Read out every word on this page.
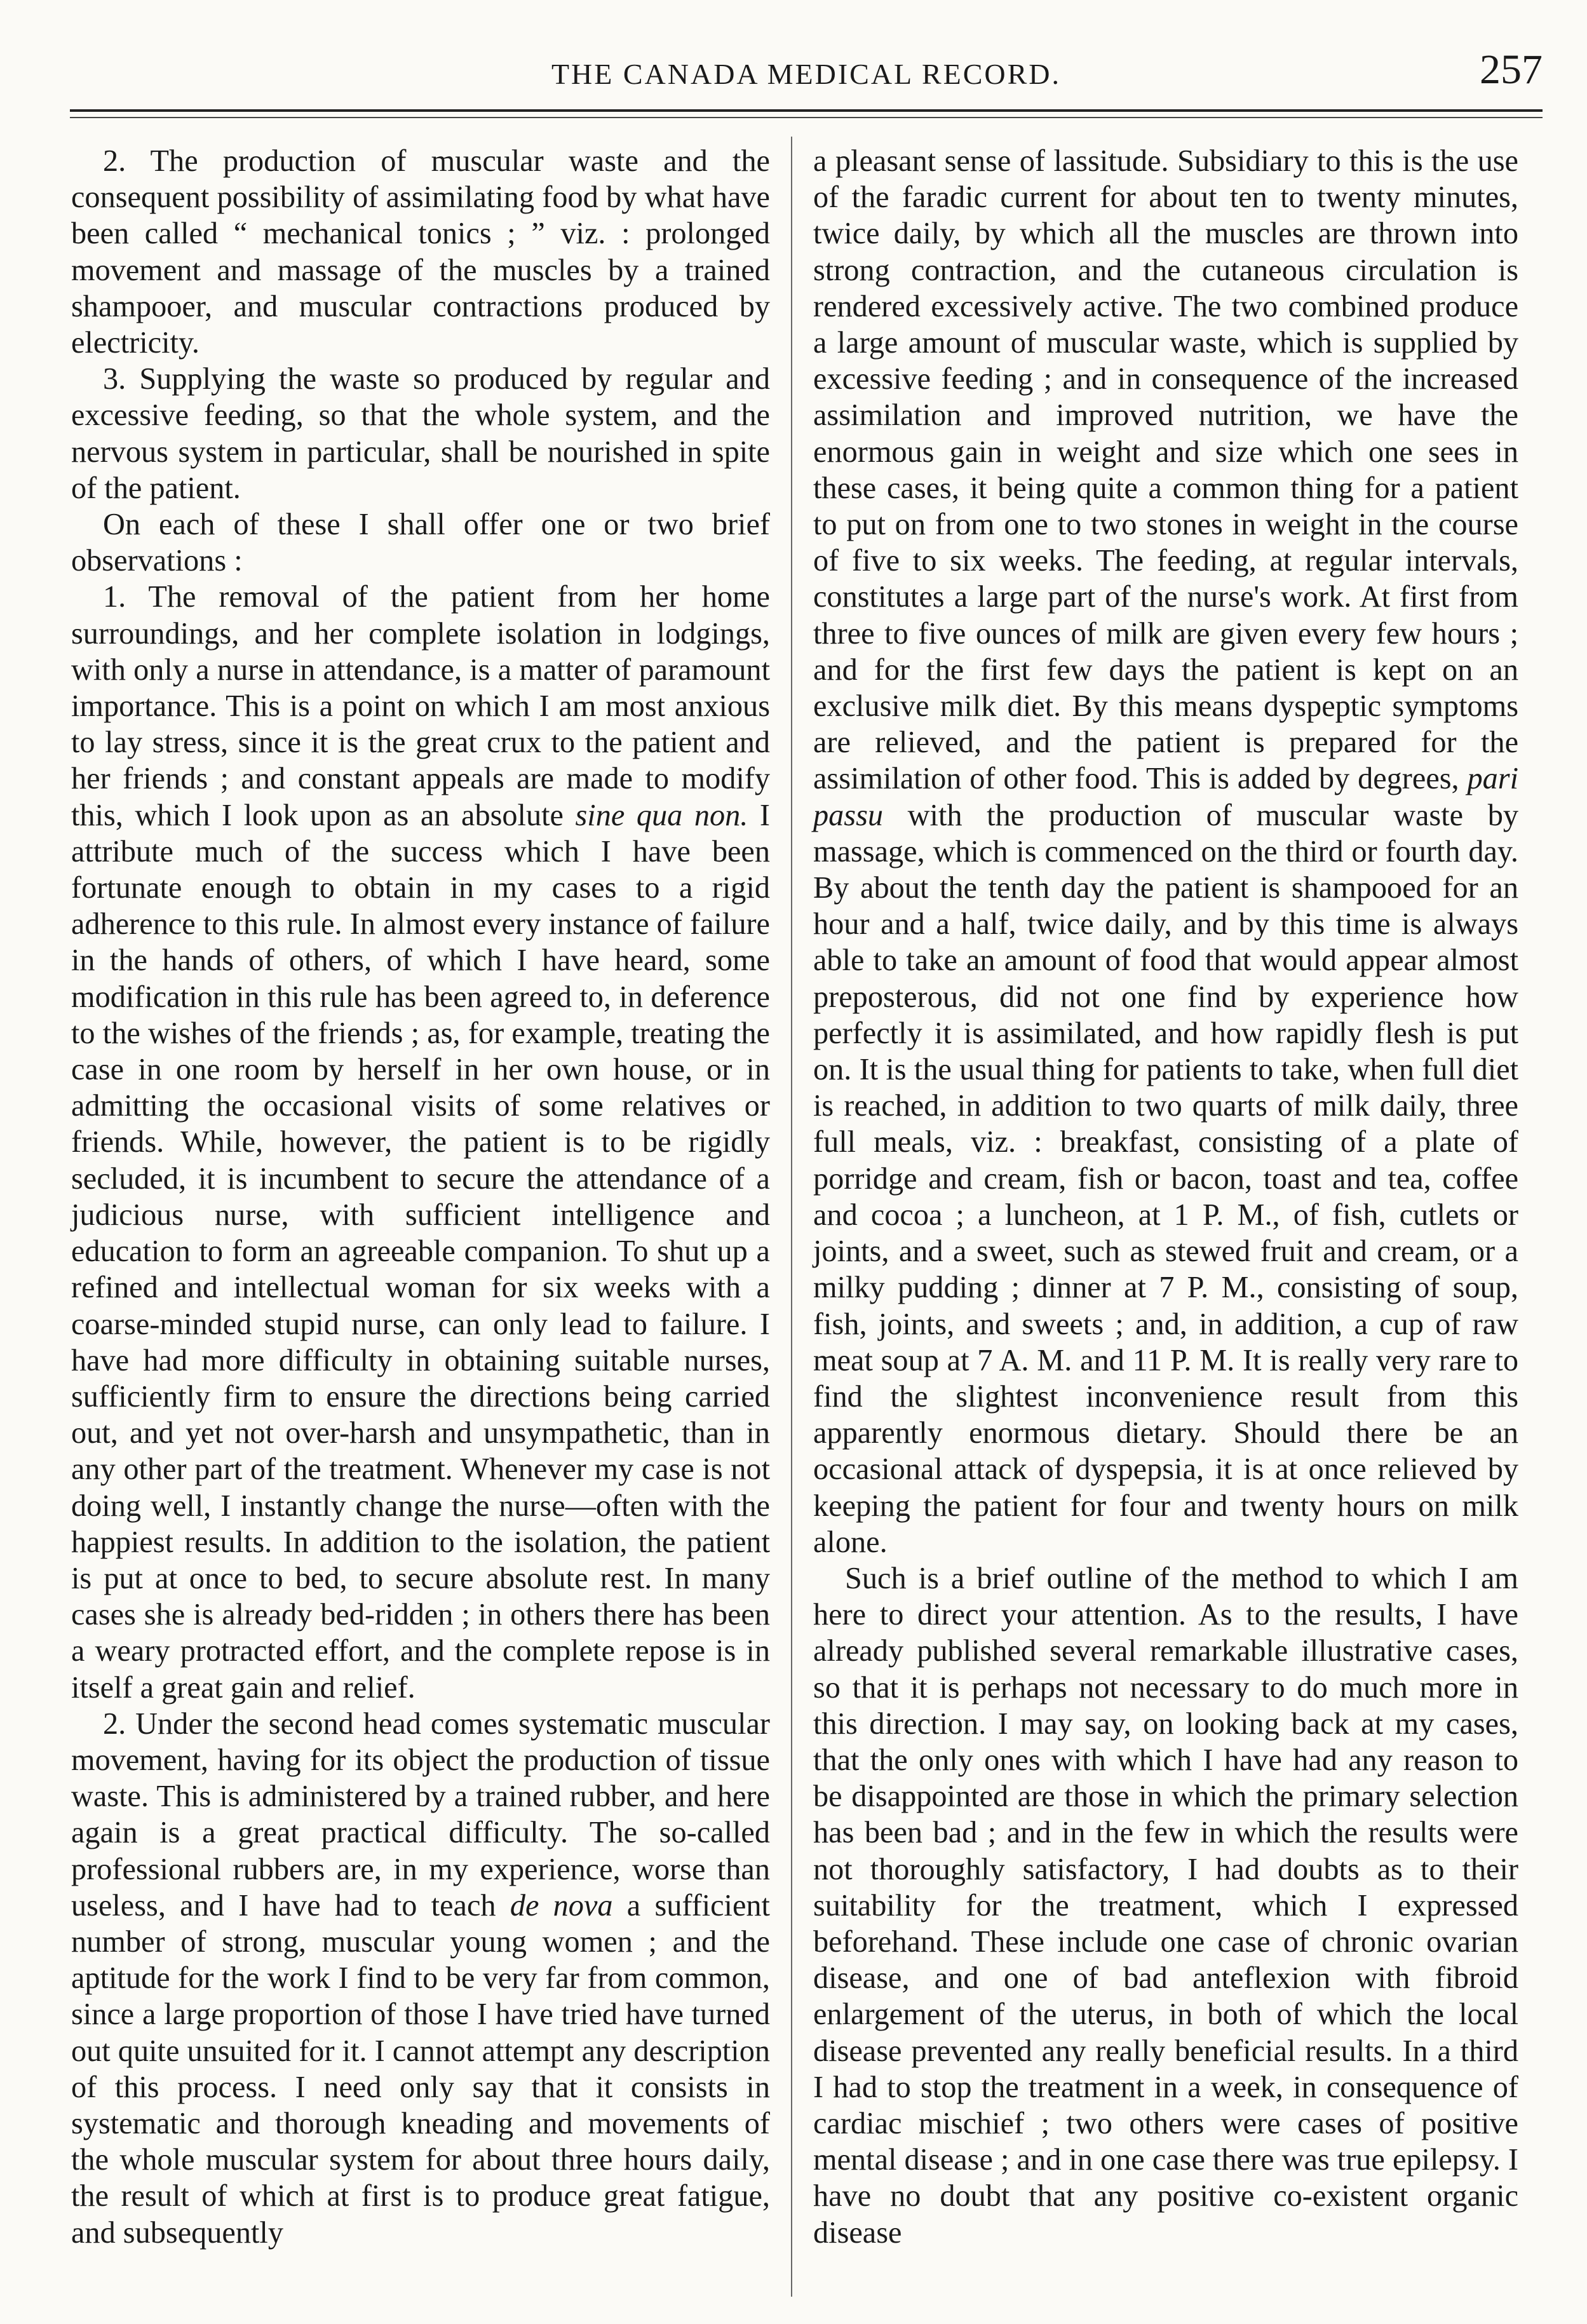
THE CANADA MEDICAL RECORD.	257

2. The production of muscular waste and the consequent possibility of assimilating food by what have been called “ mechanical tonics ; ” viz. : prolonged movement and massage of the muscles by a trained shampooer, and muscular contractions produced by electricity.

3. Supplying the waste so produced by regular and excessive feeding, so that the whole system, and the nervous system in particular, shall be nourished in spite of the patient.

On each of these I shall offer one or two brief observations :

1. The removal of the patient from her home surroundings, and her complete isolation in lodgings, with only a nurse in attendance, is a matter of paramount importance. This is a point on which I am most anxious to lay stress, since it is the great crux to the patient and her friends ; and constant appeals are made to modify this, which I look upon as an absolute sine qua non. I attribute much of the success which I have been fortunate enough to obtain in my cases to a rigid adherence to this rule. In almost every instance of failure in the hands of others, of which I have heard, some modification in this rule has been agreed to, in deference to the wishes of the friends ; as, for example, treating the case in one room by herself in her own house, or in admitting the occasional visits of some relatives or friends. While, however, the patient is to be rigidly secluded, it is incumbent to secure the attendance of a judicious nurse, with sufficient intelligence and education to form an agreeable companion. To shut up a refined and intellectual woman for six weeks with a coarse-minded stupid nurse, can only lead to failure. I have had more difficulty in obtaining suitable nurses, sufficiently firm to ensure the directions being carried out, and yet not over-harsh and unsympathetic, than in any other part of the treatment. Whenever my case is not doing well, I instantly change the nurse—often with the happiest results. In addition to the isolation, the patient is put at once to bed, to secure absolute rest. In many cases she is already bed-ridden ; in others there has been a weary protracted effort, and the complete repose is in itself a great gain and relief.

2. Under the second head comes systematic muscular movement, having for its object the production of tissue waste. This is administered by a trained rubber, and here again is a great practical difficulty. The so-called professional rubbers are, in my experience, worse than useless, and I have had to teach de nova a sufficient number of strong, muscular young women ; and the aptitude for the work I find to be very far from common, since a large proportion of those I have tried have turned out quite unsuited for it. I cannot attempt any description of this process. I need only say that it consists in systematic and thorough kneading and movements of the whole muscular system for about three hours daily, the result of which at first is to produce great fatigue, and subsequently

a pleasant sense of lassitude. Subsidiary to this is the use of the faradic current for about ten to twenty minutes, twice daily, by which all the muscles are thrown into strong contraction, and the cutaneous circulation is rendered excessively active. The two combined produce a large amount of muscular waste, which is supplied by excessive feeding ; and in consequence of the increased assimilation and improved nutrition, we have the enormous gain in weight and size which one sees in these cases, it being quite a common thing for a patient to put on from one to two stones in weight in the course of five to six weeks. The feeding, at regular intervals, constitutes a large part of the nurse's work. At first from three to five ounces of milk are given every few hours ; and for the first few days the patient is kept on an exclusive milk diet. By this means dyspeptic symptoms are relieved, and the patient is prepared for the assimilation of other food. This is added by degrees, pari passu with the production of muscular waste by massage, which is commenced on the third or fourth day. By about the tenth day the patient is shampooed for an hour and a half, twice daily, and by this time is always able to take an amount of food that would appear almost preposterous, did not one find by experience how perfectly it is assimilated, and how rapidly flesh is put on. It is the usual thing for patients to take, when full diet is reached, in addition to two quarts of milk daily, three full meals, viz. : breakfast, consisting of a plate of porridge and cream, fish or bacon, toast and tea, coffee and cocoa ; a luncheon, at 1 P. M., of fish, cutlets or joints, and a sweet, such as stewed fruit and cream, or a milky pudding ; dinner at 7 P. M., consisting of soup, fish, joints, and sweets ; and, in addition, a cup of raw meat soup at 7 A. M. and 11 P. M. It is really very rare to find the slightest inconvenience result from this apparently enormous dietary. Should there be an occasional attack of dyspepsia, it is at once relieved by keeping the patient for four and twenty hours on milk alone.

Such is a brief outline of the method to which I am here to direct your attention. As to the results, I have already published several remarkable illustrative cases, so that it is perhaps not necessary to do much more in this direction. I may say, on looking back at my cases, that the only ones with which I have had any reason to be disappointed are those in which the primary selection has been bad ; and in the few in which the results were not thoroughly satisfactory, I had doubts as to their suitability for the treatment, which I expressed beforehand. These include one case of chronic ovarian disease, and one of bad anteflexion with fibroid enlargement of the uterus, in both of which the local disease prevented any really beneficial results. In a third I had to stop the treatment in a week, in consequence of cardiac mischief ; two others were cases of positive mental disease ; and in one case there was true epilepsy. I have no doubt that any positive co-existent organic disease
